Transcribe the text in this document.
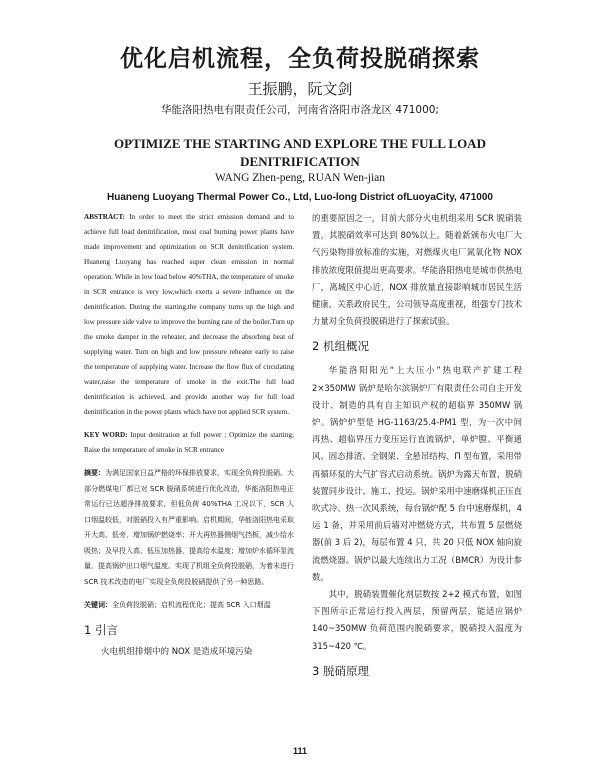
优化启机流程，全负荷投脱硝探索
王振鹏，阮文剑
华能洛阳热电有限责任公司，河南省洛阳市洛龙区 471000;
OPTIMIZE THE STARTING AND EXPLORE THE FULL LOAD DENITRIFICATION
WANG Zhen-peng, RUAN Wen-jian
Huaneng Luoyang Thermal Power Co., Ltd, Luo-long District ofLuoyaCity, 471000

ABSTRACT: In order to meet the strict emission demand and to achieve full load denitrification, most coal burning power plants have made improvement and optimization on SCR denitrification system. Huaneng Luoyang has reached super clean emission in normal operation. While in low load below 40%THA, the temperature of smoke in SCR entrance is very low,which exerts a severe influence on the denitrification. During the starting,the company turns up the high and low pressure side valve to improve the burning rate of the boiler.Turn up the smoke damper in the reheater, and decrease the absorbing heat of supplying water. Turn on high and low pressure reheater early to raise the temperature of supplying water. Increase the flow flux of circulating water,raise the temperature of smoke in the exit.The full load denitrification is achieved, and provide another way for full load denitrification in the power plants which have not applied SCR system.

KEY WORD: Input denitration at full power ; Optimize the starting; Raise the temperature of smoke in SCR entrance

摘要：为满足国家日益严格的环保排放要求，实现全负荷投脱硝。大部分燃煤电厂都已对 SCR 脱硝系统进行优化改造，华能洛阳热电正常运行已达超净排放要求，但低负荷 40%THA 工况以下，SCR 入口烟温较低，对脱硝投入有严重影响。启机期间，华能洛阳热电采取开大高、低旁，增加锅炉燃烧率；开大再热器侧烟气挡板，减少给水吸热；及早投入高、低压加热器，提高给水温度；增加炉水循环泵流量，提高锅炉出口烟气温度。实现了机组全负荷投脱硝，为着未进行 SCR 技术改造的电厂实现全负荷投脱硝提供了另一种思路。

关键词：全负荷投脱硝；启机流程优化；提高 SCR 入口烟温

1 引言

火电机组排烟中的 NOX 是造成环境污染

的重要原因之一，目前大部分火电机组采用 SCR 脱硝装置，其脱硝效率可达到 80%以上。随着新颁布火电厂大气污染物排放标准的实施，对燃煤火电厂氮氧化物 NOX 排放浓度限值提出更高要求。华能洛阳热电是城市供热电厂，离城区中心近，NOX 排放量直接影响城市居民生活健康，关系政府民生，公司领导高度重视，组强专门技术力量对全负荷投脱硝进行了探索试验。

2 机组概况

华能洛阳阳光“上大压小”热电联产扩建工程 2×350MW 锅炉是哈尔滨锅炉厂有限责任公司自主开发设计、制造的具有自主知识产权的超临界 350MW 锅炉。锅炉炉型是 HG-1163/25.4-PM1 型，为一次中间再热、超临界压力变压运行直流锅炉，单炉膛、平衡通风、固态排渣、全钢架、全悬吊结构、Π 型布置，采用带再循环泵的大气扩容式启动系统。锅炉为露天布置，脱硝装置同步设计、施工、投运。锅炉采用中速磨煤机正压直吹式冷、热一次风系统，每台锅炉配 5 台中速磨煤机，4 运 1 备，并采用前后墙对冲燃烧方式，共布置 5 层燃烧器(前 3 后 2)，每层布置 4 只，共 20 只低 NOX 轴向旋流燃烧器。锅炉以最大连续出力工况（BMCR）为设计参数。

其中，脱硝装置催化剂层数按 2+2 模式布置，如图下图所示正常运行投入两层，预留两层，能适应锅炉 140~350MW 负荷范围内脱硝要求，脱硝投入温度为 315~420 ℃。

3 脱硝原理

111
